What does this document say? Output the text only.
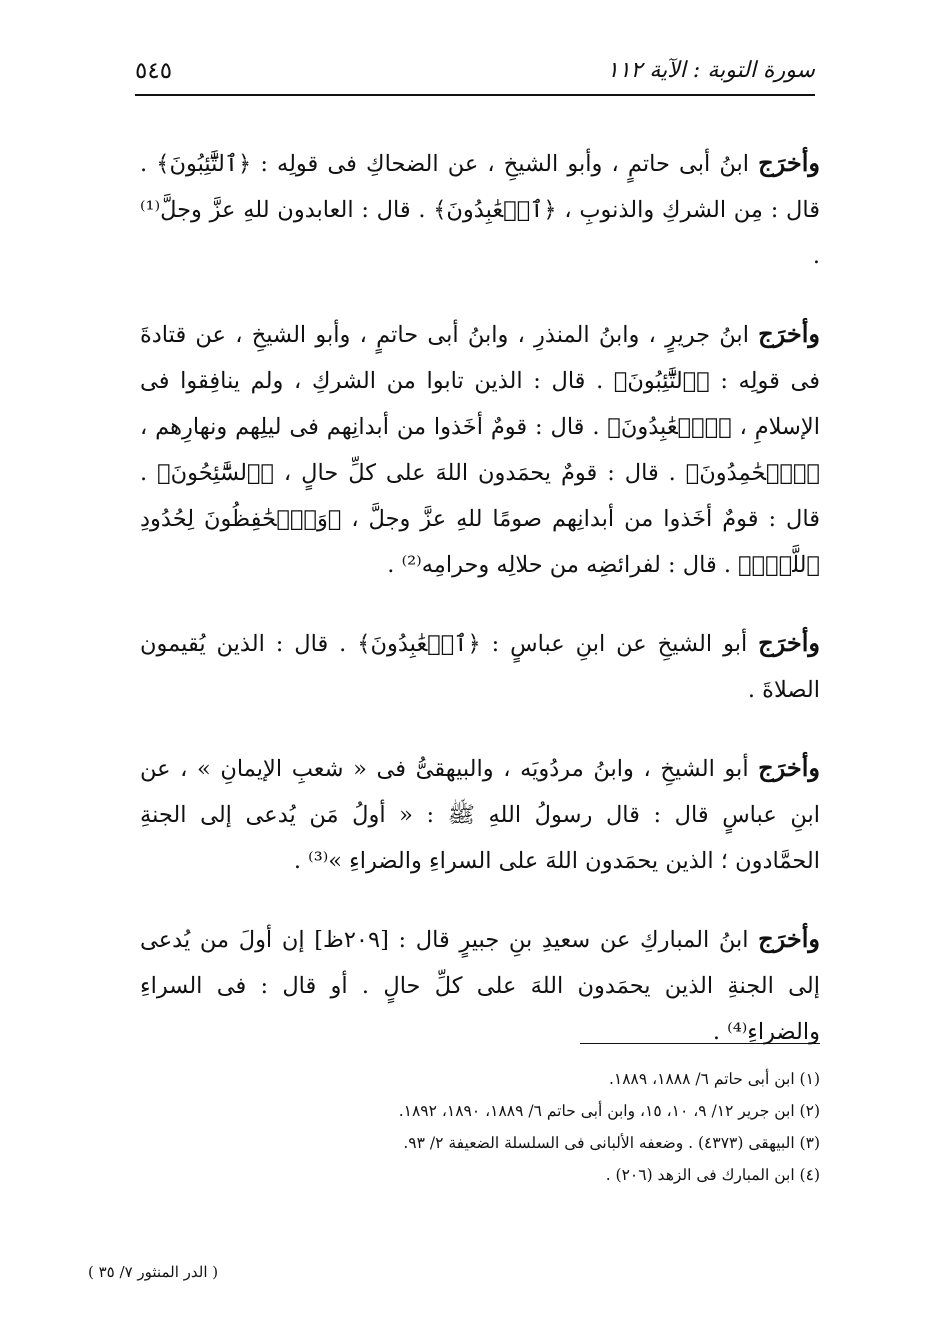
سورة التوبة : الآية ١١٢
٥٤٥

وأخرَج ابنُ أبى حاتمٍ ، وأبو الشيخِ ، عن الضحاكِ فى قولِه : ﴿ٱلتَّٰٓئِبُونَ﴾ . قال : مِن الشركِ والذنوبِ ، ﴿ٱلۡعَٰبِدُونَ﴾ . قال : العابدون للهِ عزَّ وجلَّ⁽¹⁾ .

وأخرَج ابنُ جريرٍ ، وابنُ المنذرِ ، وابنُ أبى حاتمٍ ، وأبو الشيخِ ، عن قتادةَ فى قولِه : ﴿ٱلتَّٰٓئِبُونَ﴾ . قال : الذين تابوا من الشركِ ، ولم ينافِقوا فى الإسلامِ ، ﴿ٱلۡعَٰبِدُونَ﴾ . قال : قومٌ أخَذوا من أبدانِهم فى ليلِهم ونهارِهم ، ﴿ٱلۡحَٰمِدُونَ﴾ . قال : قومٌ يحمَدون اللهَ على كلِّ حالٍ ، ﴿ٱلسَّٰٓئِحُونَ﴾ . قال : قومٌ أخَذوا من أبدانِهم صومًا للهِ عزَّ وجلَّ ، ﴿وَٱلۡحَٰفِظُونَ لِحُدُودِ ٱللَّهِۗ﴾ . قال : لفرائضِه من حلالِه وحرامِه⁽²⁾ .

وأخرَج أبو الشيخِ عن ابنِ عباسٍ : ﴿ٱلۡعَٰبِدُونَ﴾ . قال : الذين يُقيمون الصلاةَ .

وأخرَج أبو الشيخِ ، وابنُ مردُويَه ، والبيهقىُّ فى « شعبِ الإيمانِ » ، عن ابنِ عباسٍ قال : قال رسولُ اللهِ ﷺ : « أولُ مَن يُدعى إلى الجنةِ الحمَّادون ؛ الذين يحمَدون اللهَ على السراءِ والضراءِ »⁽³⁾ .

وأخرَج ابنُ المباركِ عن سعيدِ بنِ جبيرٍ قال : [٢٠٩ظ] إن أولَ من يُدعى إلى الجنةِ الذين يحمَدون اللهَ على كلِّ حالٍ . أو قال : فى السراءِ والضراءِ⁽⁴⁾ .

(١) ابن أبى حاتم ٦/ ١٨٨٨، ١٨٨٩.
(٢) ابن جرير ١٢/ ٩، ١٠، ١٥، وابن أبى حاتم ٦/ ١٨٨٩، ١٨٩٠، ١٨٩٢.
(٣) البيهقى (٤٣٧٣) . وضعفه الألبانى فى السلسلة الضعيفة ٢/ ٩٣.
(٤) ابن المبارك فى الزهد (٢٠٦) .
( الدر المنثور ٧/ ٣٥ )
